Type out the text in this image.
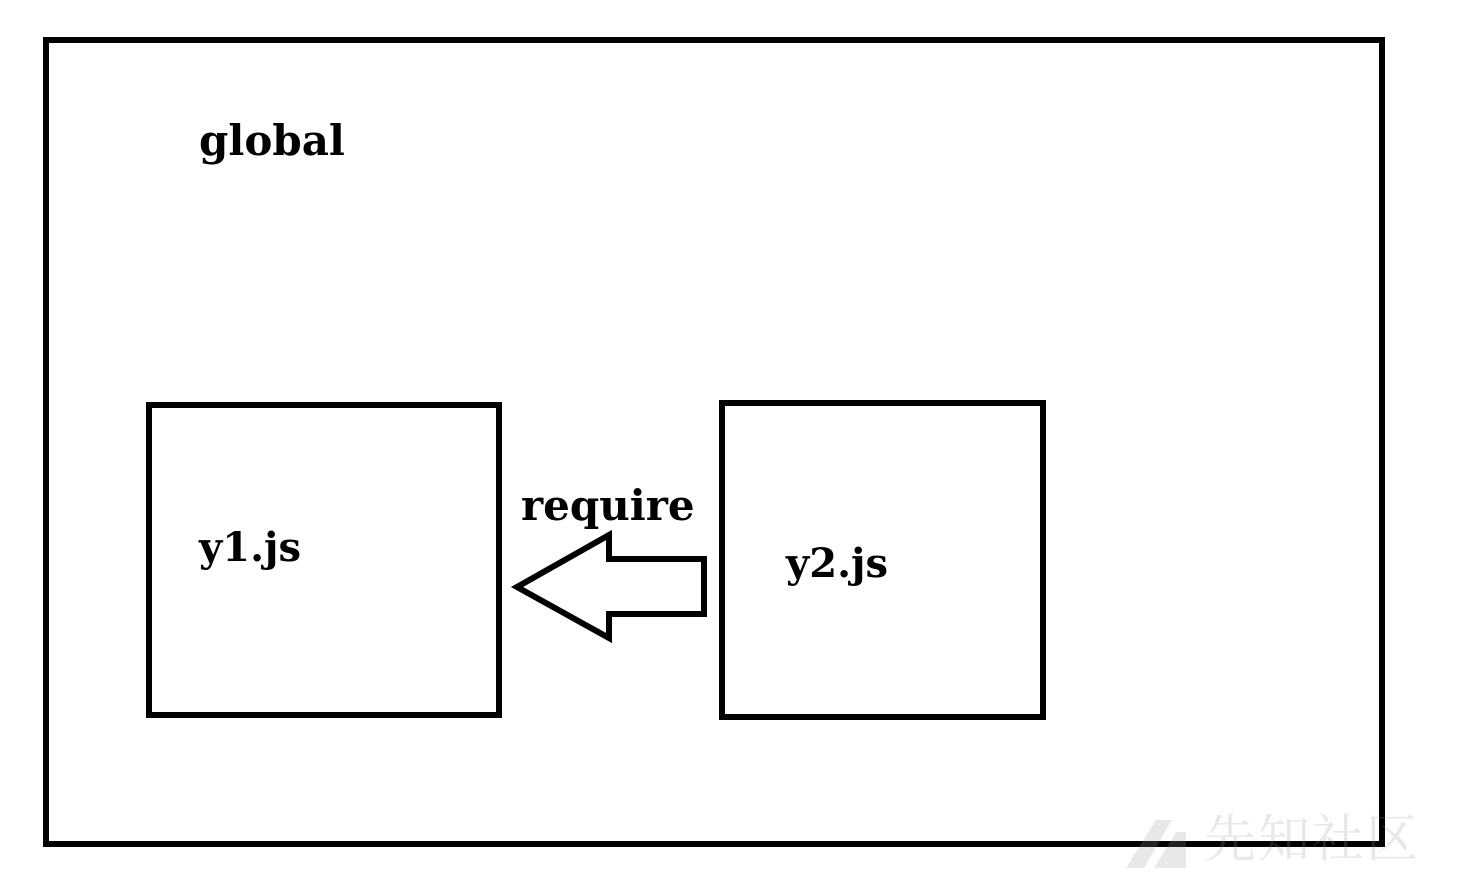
global
y1.js	y2.js
require
先知社区
